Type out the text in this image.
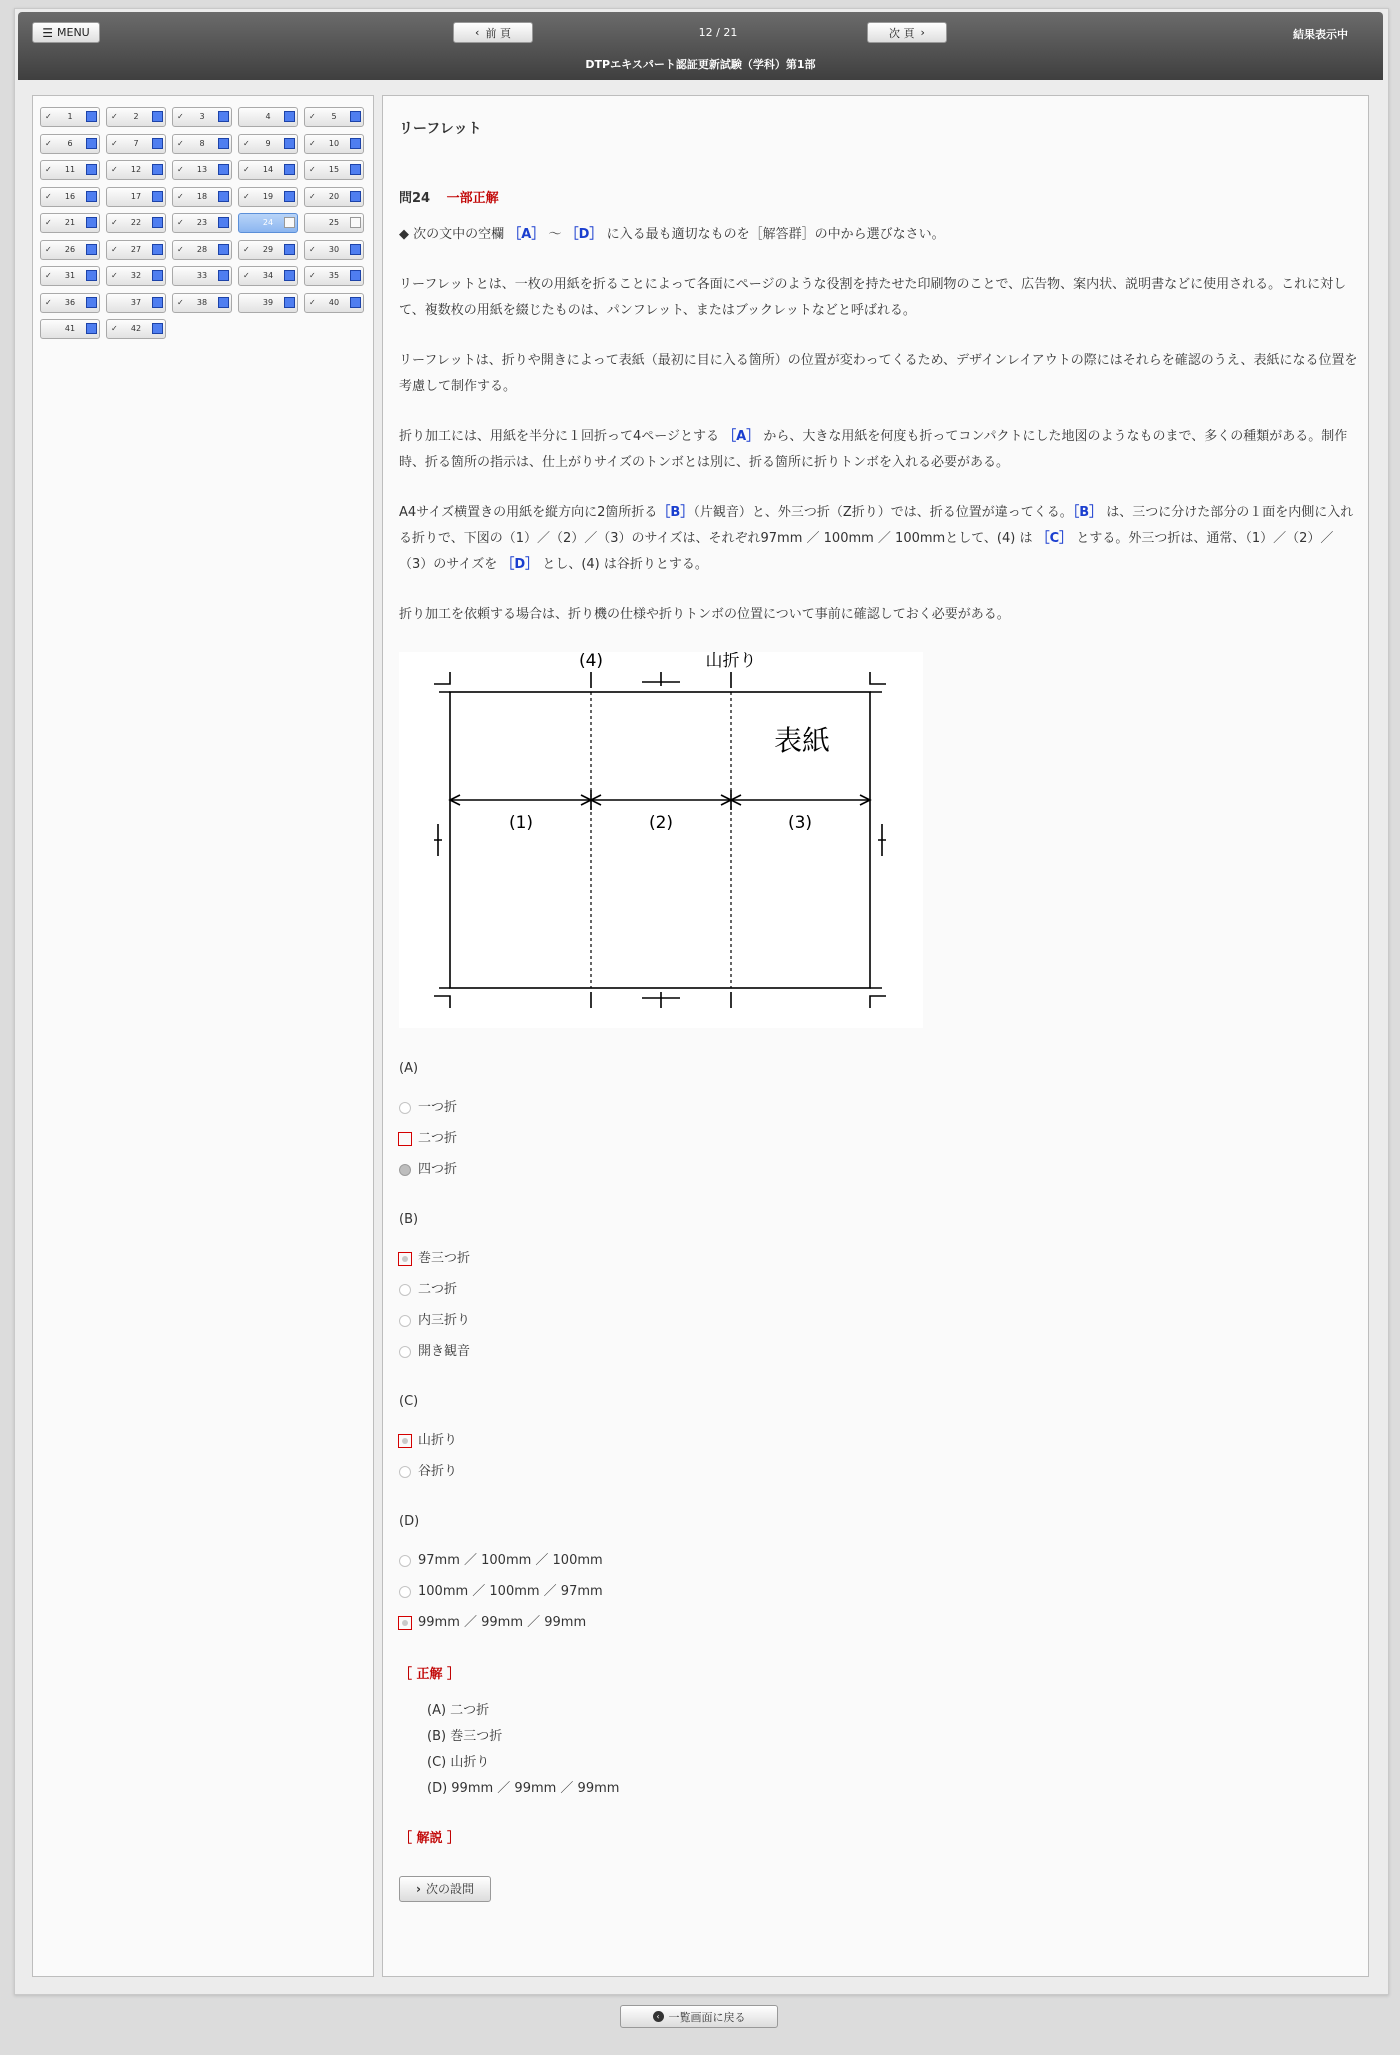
☰ MENU	‹ 前 頁	12 / 21	次 頁 ›	結果表示中
DTPエキスパート認証更新試験（学科）第1部
✓	1	✓	2	✓	3	4	✓	5
✓	6	✓	7	✓	8	✓	9	✓	10
✓	11	✓	12	✓	13	✓	14	✓	15
✓	16	17	✓	18	✓	19	✓	20
✓	21	✓	22	✓	23	24	25
✓	26	✓	27	✓	28	✓	29	✓	30
✓	31	✓	32	33	✓	34	✓	35
✓	36	37	✓	38	39	✓	40
41	✓	42
リーフレット
問24 一部正解
◆ 次の文中の空欄 ［A］ 〜 ［D］ に入る最も適切なものを［解答群］の中から選びなさい。

リーフレットとは、一枚の用紙を折ることによって各面にページのような役割を持たせた印刷物のことで、広告物、案内状、説明書などに使用される。これに対して、複数枚の用紙を綴じたものは、パンフレット、またはブックレットなどと呼ばれる。

リーフレットは、折りや開きによって表紙（最初に目に入る箇所）の位置が変わってくるため、デザインレイアウトの際にはそれらを確認のうえ、表紙になる位置を考慮して制作する。

折り加工には、用紙を半分に１回折って4ページとする ［A］ から、大きな用紙を何度も折ってコンパクトにした地図のようなものまで、多くの種類がある。制作時、折る箇所の指示は、仕上がりサイズのトンボとは別に、折る箇所に折りトンボを入れる必要がある。

A4サイズ横置きの用紙を縦方向に2箇所折る［B］（片観音）と、外三つ折（Z折り）では、折る位置が違ってくる。［B］ は、三つに分けた部分の１面を内側に入れる折りで、下図の（1）／（2）／（3）のサイズは、それぞれ97mm ／ 100mm ／ 100mmとして、(4) は ［C］ とする。外三つ折は、通常、（1）／（2）／（3）のサイズを ［D］ とし、(4) は谷折りとする。

折り加工を依頼する場合は、折り機の仕様や折りトンボの位置について事前に確認しておく必要がある。

(4)	山折り
表紙
(1)	(2)	(3)
(A)
一つ折
二つ折
四つ折
(B)
巻三つ折
二つ折
内三折り
開き観音
(C)
山折り
谷折り
(D)
97mm ／ 100mm ／ 100mm
100mm ／ 100mm ／ 97mm
99mm ／ 99mm ／ 99mm
［ 正解 ］
(A) 二つ折
(B) 巻三つ折
(C) 山折り
(D) 99mm ／ 99mm ／ 99mm
［ 解説 ］
› 次の設問
‹ 一覧画面に戻る
